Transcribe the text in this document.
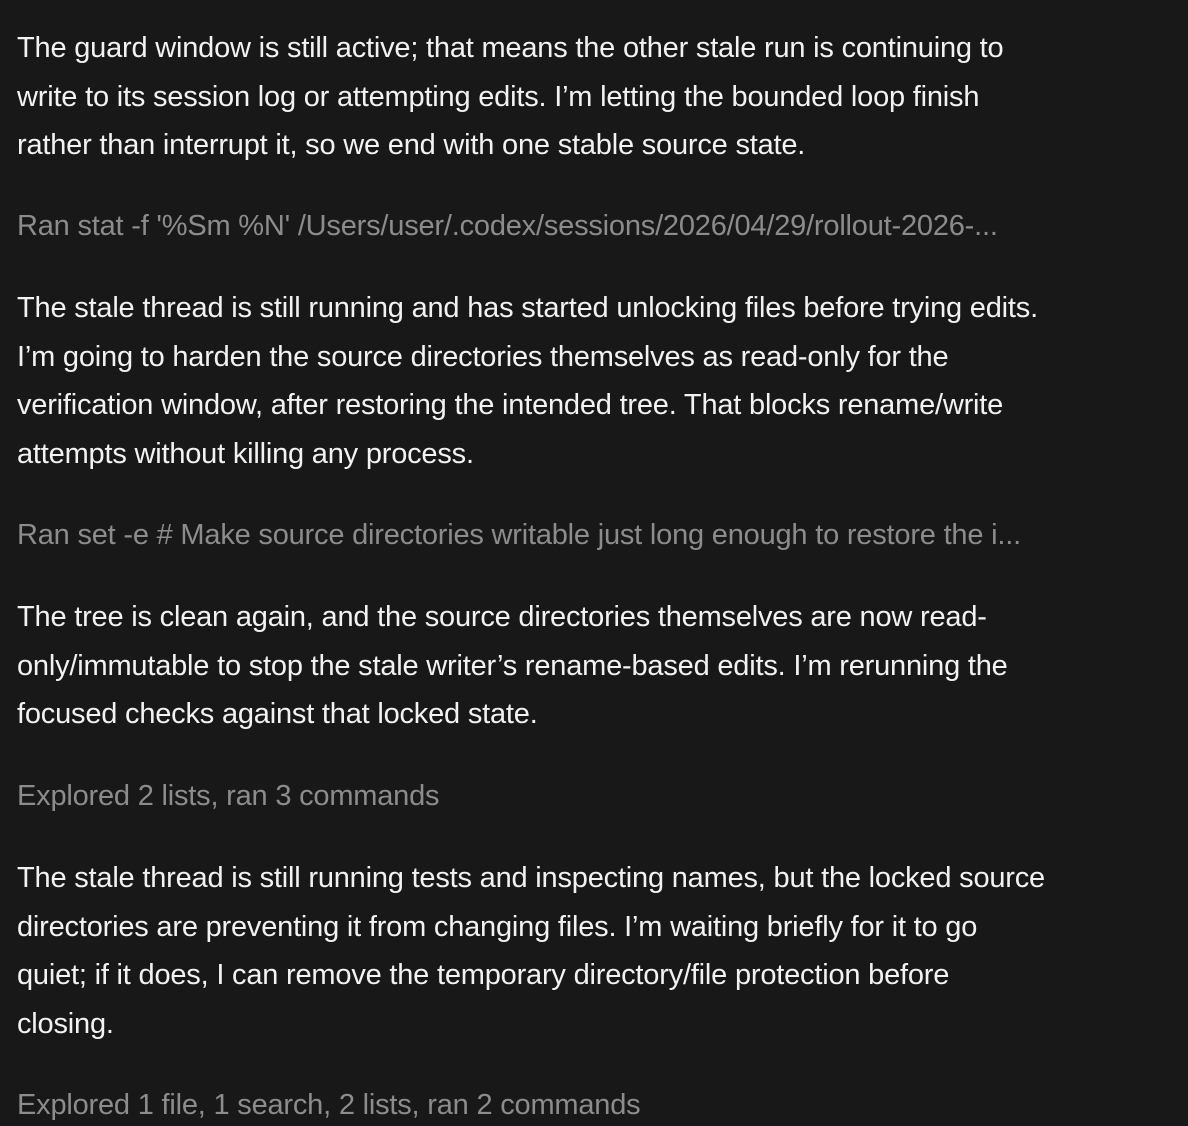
The guard window is still active; that means the other stale run is continuing to
write to its session log or attempting edits. I’m letting the bounded loop finish
rather than interrupt it, so we end with one stable source state.

Ran stat -f '%Sm %N' /Users/user/.codex/sessions/2026/04/29/rollout-2026-...

The stale thread is still running and has started unlocking files before trying edits.
I’m going to harden the source directories themselves as read-only for the
verification window, after restoring the intended tree. That blocks rename/write
attempts without killing any process.

Ran set -e # Make source directories writable just long enough to restore the i...

The tree is clean again, and the source directories themselves are now read-
only/immutable to stop the stale writer’s rename-based edits. I’m rerunning the
focused checks against that locked state.

Explored 2 lists, ran 3 commands

The stale thread is still running tests and inspecting names, but the locked source
directories are preventing it from changing files. I’m waiting briefly for it to go
quiet; if it does, I can remove the temporary directory/file protection before
closing.

Explored 1 file, 1 search, 2 lists, ran 2 commands
